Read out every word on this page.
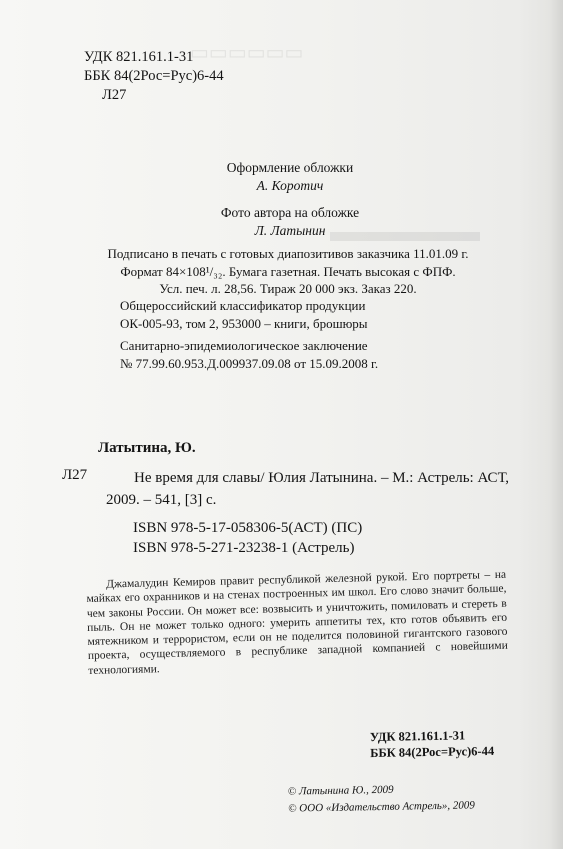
▭▭▭▭▭▭
▬▬▬▬▬
УДК 821.161.1-31
ББК 84(2Рос=Рус)6-44
Л27
Оформление обложки
А. Коротич
Фото автора на обложке
Л. Латынин
Подписано в печать с готовых диапозитивов заказчика 11.01.09 г.
Формат 84×108¹/₃₂. Бумага газетная. Печать высокая с ФПФ.
Усл. печ. л. 28,56. Тираж 20 000 экз. Заказ 220.
Общероссийский классификатор продукции
ОК-005-93, том 2, 953000 – книги, брошюры
Санитарно-эпидемиологическое заключение
№ 77.99.60.953.Д.009937.09.08 от 15.09.2008 г.
Латытина, Ю.
Л27	Не время для славы/ Юлия Латынина. – М.: Астрель: АСТ, 2009. – 541, [3] с.
ISBN 978-5-17-058306-5(АСТ) (ПС)
ISBN 978-5-271-23238-1 (Астрель)
Джамалудин Кемиров правит республикой железной рукой. Его портреты – на майках его охранников и на стенах построенных им школ. Его слово значит больше, чем законы России. Он может все: возвысить и уничтожить, помиловать и стереть в пыль. Он не может только одного: умерить аппетиты тех, кто готов объявить его мятежником и террористом, если он не поделится половиной гигантского газового проекта, осуществляемого в республике западной компанией с новейшими технологиями.
УДК 821.161.1-31
ББК 84(2Рос=Рус)6-44
© Латынина Ю., 2009
© ООО «Издательство Астрель», 2009
